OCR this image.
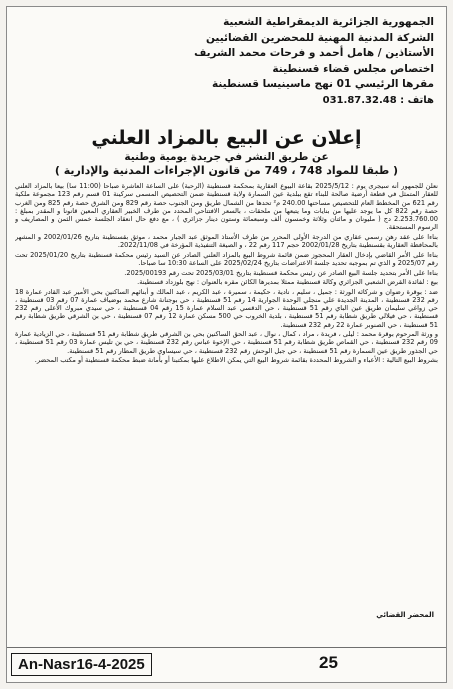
الجمهورية الجزائرية الديمقراطية الشعبية
الشركة المدنية المهنية للمحضرين القضائيين
الأستاذين / هامل أحمد و فرحات محمد الشريف
اختصاص مجلس قضاء قسنطينة
مقرها الرئيسي 01 نهج ماسينيسا قسنطينة
هاتف : 031.87.32.48
إعلان عن البيع بالمزاد العلني
عن طريق النشر في جريدة يومية وطنية
( طبقا للمواد 748 ، 749 من قانون الإجراءات المدنية والإدارية )

نعلن للجمهور أنه سيجرى يوم : 2025/5/12 بقاعة البيوع العقارية بمحكمة قسنطينة (الرحبة) على الساعة العاشرة صباحا (11:00 سا) بيعا بالمزاد العلني للعقار المتمثل في قطعة أرضية صالحة للبناء تقع ببلدية عين السمارة ولاية قسنطينة ضمن التحصيص المسمى سركينة 01 قسم رقم 123 مجموعة ملكية رقم 621 من المخطط العام للتحصيص مساحتها 240.00 م² تحدها من الشمال طريق ومن الجنوب حصة رقم 829 ومن الشرق حصة رقم 825 ومن الغرب حصة رقم 822 كل ما يوجد عليها من بنايات وما يتبعها من ملحقات ، بالسعر الافتتاحي المحدد من طرف الخبير العقاري المعين قانونا و المقدر بمبلغ : 2.253.760.00 دج ( مليونان و مائتان وثلاثة وخمسون ألف وسبعمائة وستون دينار جزائري ) ، مع دفع حال انعقاد الجلسة خمس الثمن و المصاريف و الرسوم المستحقة.

بناءا على عقد رهن رسمي عقاري من الدرجة الأولى المحرر من طرف الأستاذ الموثق عبد الجبار محمد ، موثق بقسنطينة بتاريخ 2002/01/26 و المشهر بالمحافظة العقارية بقسنطينة بتاريخ 2002/01/28 حجم 117 رقم 22 ، و الصيغة التنفيذية المؤرخة في 2022/11/08.

بناءا على الأمر القاضي بإدخال العقار المحجوز ضمن قائمة شروط البيع بالمزاد العلني الصادر عن السيد رئيس محكمة قسنطينة بتاريخ 2025/01/20 تحت رقم 2025/07 و الذي تم بموجبه تحديد جلسة الاعتراضات بتاريخ 2025/02/24 على الساعة 10:30 سا صباحا.

بناءا على الأمر بتحديد جلسة البيع الصادر عن رئيس محكمة قسنطينة بتاريخ 2025/03/01 تحت رقم 2025/00193.

بيع : لفائدة القرض الشعبي الجزائري وكالة قسنطينة ممثلا بمديرها الكائن مقره بالعنوان : نهج بلوزداد قسنطينة.

ضد : بوقرة رضوان و شركائه الورثة : جميل ، سليم ، نادية ، حكيمة ، سميرة ، عبد الكريم ، عبد المالك و أبنائهم الساكنين بحي الأمير عبد القادر عمارة 18 رقم 232 قسنطينة ، المدينة الجديدة علي منجلي الوحدة الجوارية 14 رقم 51 قسنطينة ، حي بوجنانة شارع محمد بوضياف عمارة 07 رقم 03 قسنطينة ، حي زواغي سليمان طريق عين الباي رقم 51 قسنطينة ، حي الدقسي عبد السلام عمارة 15 رقم 04 قسنطينة ، حي سيدي مبروك الأعلى رقم 232 قسنطينة ، حي فيلالي طريق شطابة رقم 51 قسنطينة ، بلدية الخروب حي 500 مسكن عمارة 12 رقم 07 قسنطينة ، حي بن الشرقي طريق شطابة رقم 51 قسنطينة ، حي الصنوبر عمارة 22 رقم 232 قسنطينة.

و ورثة المرحوم بوقرة محمد : ليلى ، فريدة ، مراد ، كمال ، نوال ، عبد الحق الساكنين بحي بن الشرقي طريق شطابة رقم 51 قسنطينة ، حي الزيادية عمارة 09 رقم 232 قسنطينة ، حي القماص طريق شطابة رقم 51 قسنطينة ، حي الإخوة عباس رقم 232 قسنطينة ، حي بن تليس عمارة 03 رقم 51 قسنطينة ، حي الجذور طريق عين السمارة رقم 51 قسنطينة ، حي جبل الوحش رقم 232 قسنطينة ، حي سيساوي طريق المطار رقم 51 قسنطينة.

بشروط البيع التالية : الأعباء و الشروط المحددة بقائمة شروط البيع التي يمكن الاطلاع عليها بمكتبنا أو بأمانة ضبط محكمة قسنطينة أو مكتب المحضر.

المحضر القضائي
An-Nasr16-4-2025	25
